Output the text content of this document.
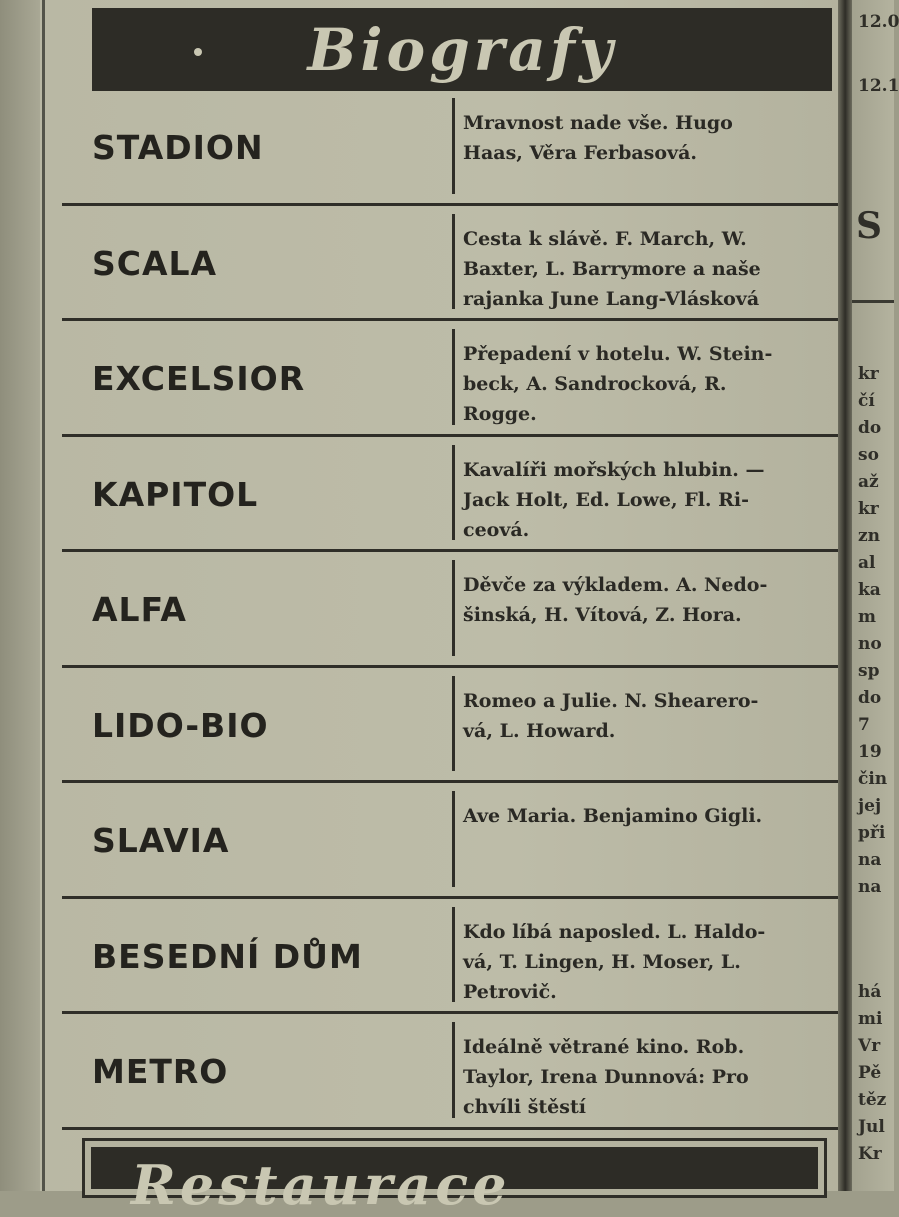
Biografy
STADION
Mravnost nade vše. Hugo
Haas, Věra Ferbasová.
SCALA
Cesta k slávě. F. March, W.
Baxter, L. Barrymore a naše
rajanka June Lang-Vlásková
EXCELSIOR
Přepadení v hotelu. W. Stein-
beck, A. Sandrocková, R.
Rogge.
KAPITOL
Kavalíři mořských hlubin. —
Jack Holt, Ed. Lowe, Fl. Ri-
ceová.
ALFA
Děvče za výkladem. A. Nedo-
šinská, H. Vítová, Z. Hora.
LIDO-BIO
Romeo a Julie. N. Shearero-
vá, L. Howard.
SLAVIA
Ave Maria. Benjamino Gigli.
BESEDNÍ DŮM
Kdo líbá naposled. L. Haldo-
vá, T. Lingen, H. Moser, L.
Petrovič.
METRO
Ideálně větrané kino. Rob.
Taylor, Irena Dunnová: Pro
chvíli štěstí
Restaurace
12.0
12.1
S
kr
čí
do
so
až
kr
zn
al
ka
m
no
sp
do
7
19
čin
jej
při
na
na
há
mi
Vr
Pě
těz
Jul
Kr
